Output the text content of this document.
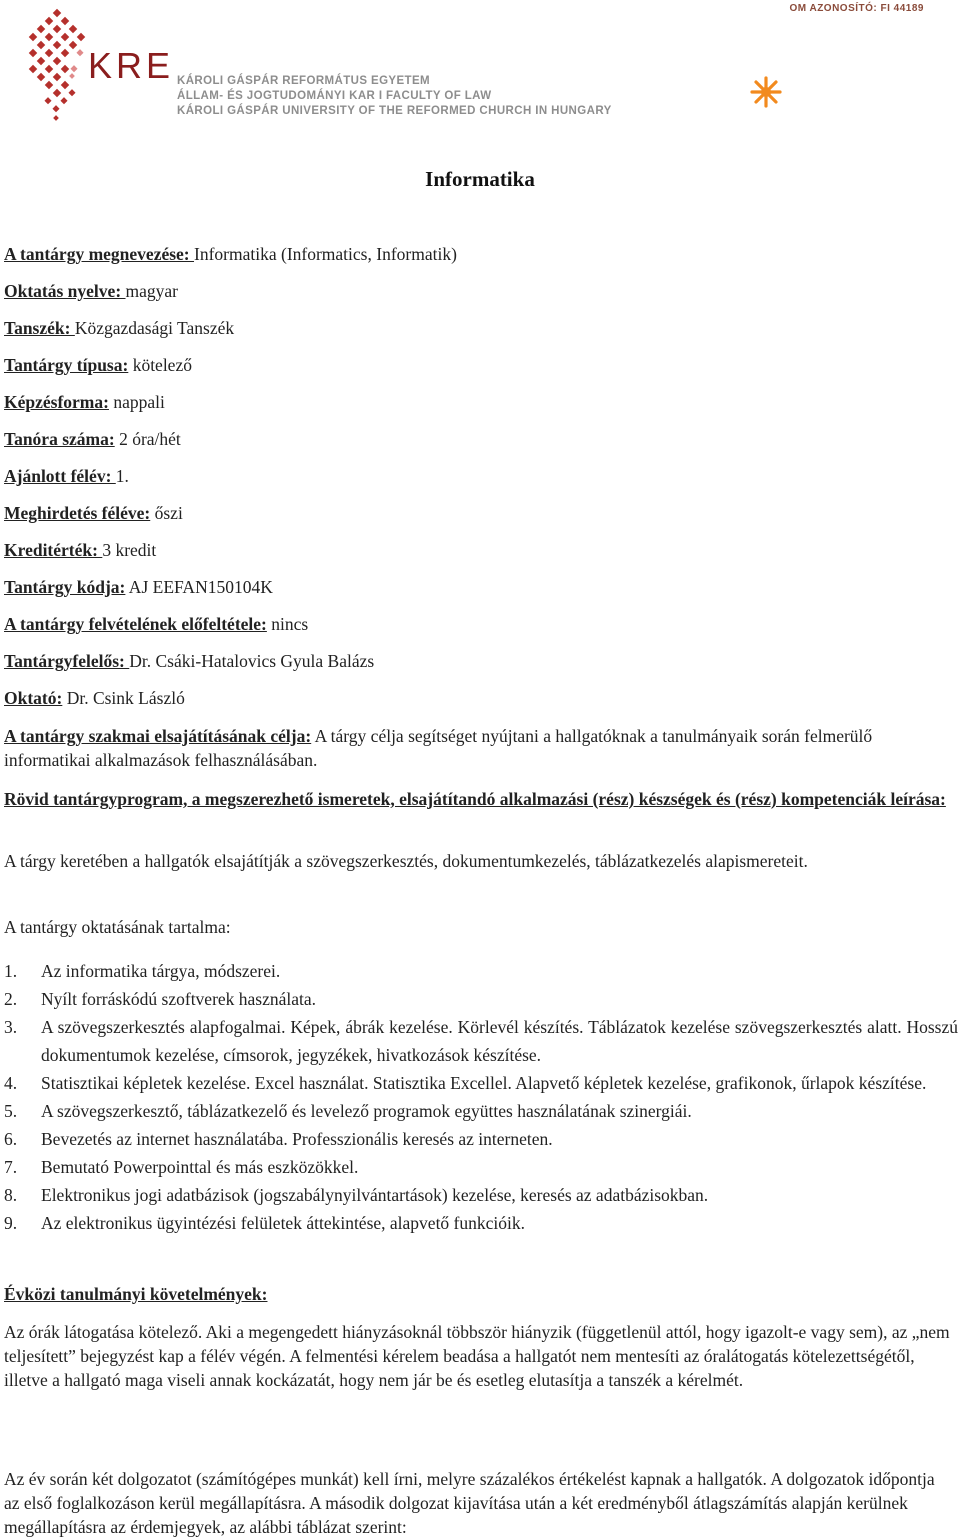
OM AZONOSÍTÓ: FI 44189
KRE KÁROLI GÁSPÁR REFORMÁTUS EGYETEM
ÁLLAM- ÉS JOGTUDOMÁNYI KAR I FACULTY OF LAW
KÁROLI GÁSPÁR UNIVERSITY OF THE REFORMED CHURCH IN HUNGARY
Informatika
A tantárgy megnevezése: Informatika (Informatics, Informatik)
Oktatás nyelve: magyar
Tanszék: Közgazdasági Tanszék
Tantárgy típusa: kötelező
Képzésforma: nappali
Tanóra száma: 2 óra/hét
Ajánlott félév: 1.
Meghirdetés féléve: őszi
Kreditérték: 3 kredit
Tantárgy kódja: AJ EEFAN150104K
A tantárgy felvételének előfeltétele: nincs
Tantárgyfelelős: Dr. Csáki-Hatalovics Gyula Balázs
Oktató: Dr. Csink László
A tantárgy szakmai elsajátításának célja: A tárgy célja segítséget nyújtani a hallgatóknak a tanulmányaik során felmerülő informatikai alkalmazások felhasználásában.
Rövid tantárgyprogram, a megszerezhető ismeretek, elsajátítandó alkalmazási (rész) készségek és (rész) kompetenciák leírása:
A tárgy keretében a hallgatók elsajátítják a szövegszerkesztés, dokumentumkezelés, táblázatkezelés alapismereteit.
A tantárgy oktatásának tartalma:
1. Az informatika tárgya, módszerei.
2. Nyílt forráskódú szoftverek használata.
3. A szövegszerkesztés alapfogalmai. Képek, ábrák kezelése. Körlevél készítés. Táblázatok kezelése szövegszerkesztés alatt. Hosszú dokumentumok kezelése, címsorok, jegyzékek, hivatkozások készítése.
4. Statisztikai képletek kezelése. Excel használat. Statisztika Excellel. Alapvető képletek kezelése, grafikonok, űrlapok készítése.
5. A szövegszerkesztő, táblázatkezelő és levelező programok együttes használatának szinergiái.
6. Bevezetés az internet használatába. Professzionális keresés az interneten.
7. Bemutató Powerpointtal és más eszközökkel.
8. Elektronikus jogi adatbázisok (jogszabálynyilvántartások) kezelése, keresés az adatbázisokban.
9. Az elektronikus ügyintézési felületek áttekintése, alapvető funkcióik.
Évközi tanulmányi követelmények:
Az órák látogatása kötelező. Aki a megengedett hiányzásoknál többször hiányzik (függetlenül attól, hogy igazolt-e vagy sem), az „nem teljesített” bejegyzést kap a félév végén. A felmentési kérelem beadása a hallgatót nem mentesíti az óralátogatás kötelezettségétől, illetve a hallgató maga viseli annak kockázatát, hogy nem jár be és esetleg elutasítja a tanszék a kérelmét.
Az év során két dolgozatot (számítógépes munkát) kell írni, melyre százalékos értékelést kapnak a hallgatók. A dolgozatok időpontja az első foglalkozáson kerül megállapításra. A második dolgozat kijavítása után a két eredményből átlagszámítás alapján kerülnek megállapításra az érdemjegyek, az alábbi táblázat szerint:
